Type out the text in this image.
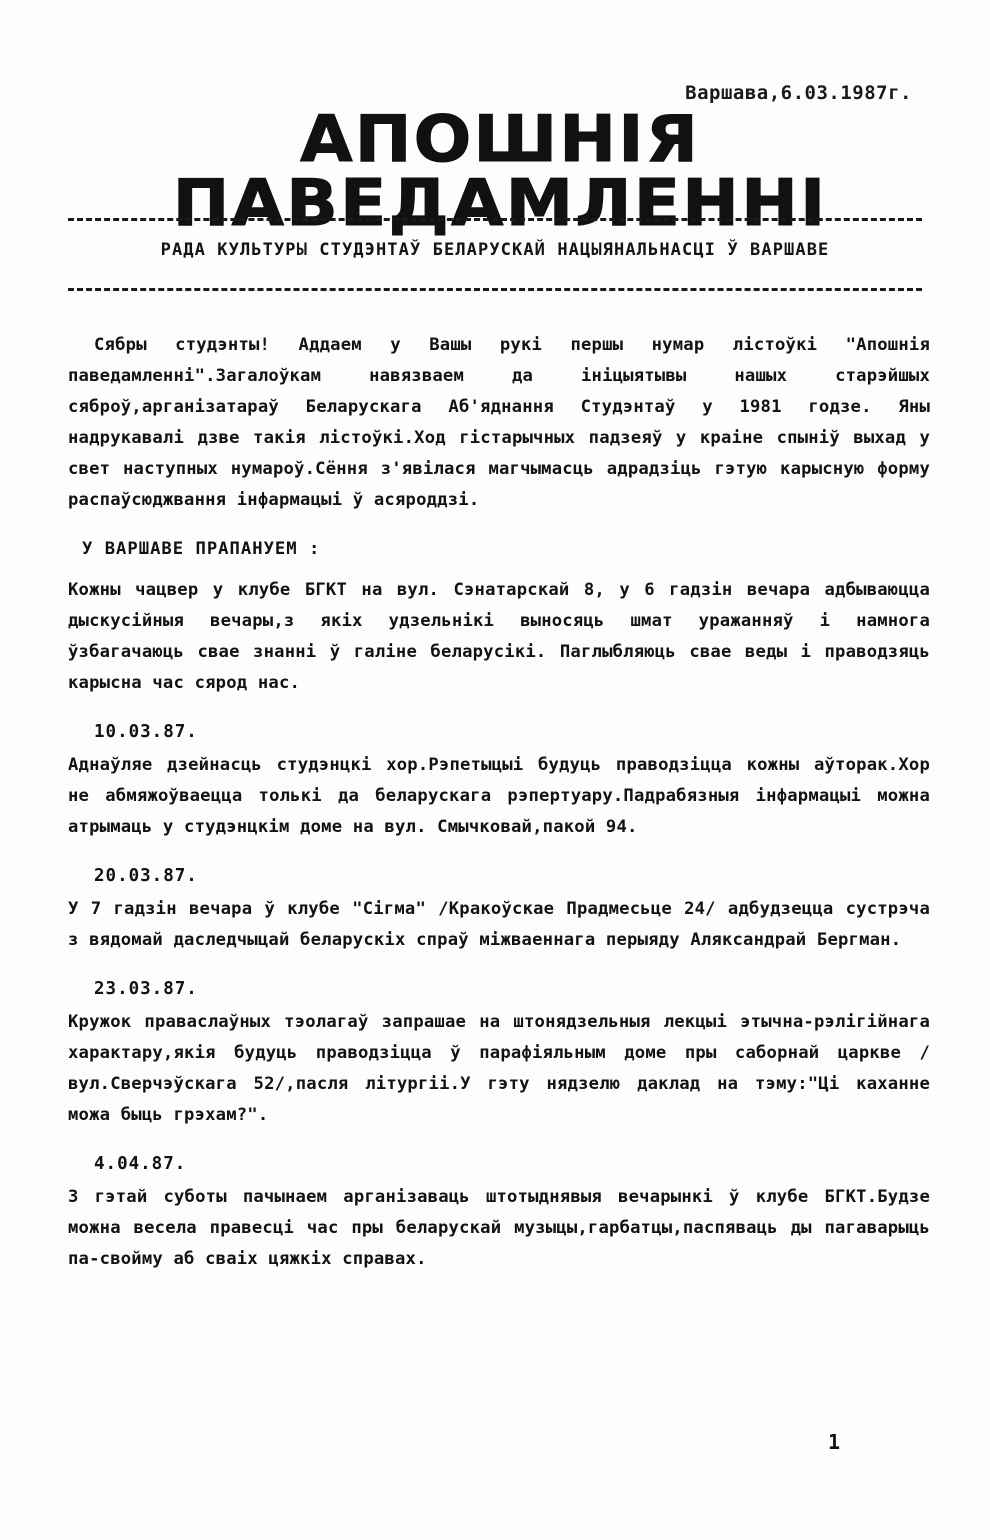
Варшава,6.03.1987г.
АПОШНІЯ ПАВЕДАМЛЕННІ
РАДА КУЛЬТУРЫ СТУДЭНТАЎ БЕЛАРУСКАЙ НАЦЫЯНАЛЬНАСЦІ Ў ВАРШАВЕ

Сябры студэнты! Аддаем у Вашы рукі першы нумар лістоўкі "Апошнія паведамленні".Загалоўкам навязваем да ініцыятывы нашых старэйшых сяброў,арганізатараў Беларускага Аб'яднання Студэнтаў у 1981 годзе. Яны надрукавалі дзве такія лістоўкі.Ход гістарычных падзеяў у краіне спыніў выхад у свет наступных нумароў.Сёння з'явілася магчымасць адрадзіць гэтую карысную форму распаўсюджвання інфармацыі ў асяроддзі.

У ВАРШАВЕ ПРАПАНУЕМ :

Кожны чацвер у клубе БГКТ на вул. Сэнатарскай 8, у 6 гадзін вечара адбываюцца дыскусійныя вечары,з якіх удзельнікі выносяць шмат уражанняў і намнога ўзбагачаюць свае знанні ў галіне беларусікі. Паглыбляюць свае веды і праводзяць карысна час сярод нас.

10.03.87.

Аднаўляе дзейнасць студэнцкі хор.Рэпетыцыі будуць праводзіцца кожны аўторак.Хор не абмяжоўваецца толькі да беларускага рэпертуару.Падрабязныя інфармацыі можна атрымаць у студэнцкім доме на вул. Смычковай,пакой 94.

20.03.87.

У 7 гадзін вечара ў клубе "Сігма" /Кракоўскае Прадмесьце 24/ адбудзецца сустрэча з вядомай даследчыцай беларускіх спраў міжваеннага перыяду Аляксандрай Бергман.

23.03.87.

Кружок праваслаўных тэолагаў запрашае на штонядзельныя лекцыі этычна-рэлігійнага характару,якія будуць праводзіцца ў парафіяльным доме пры саборнай царкве /вул.Сверчэўскага 52/,пасля літургіі.У гэту нядзелю даклад на тэму:"Ці каханне можа быць грэхам?".

4.04.87.

З гэтай суботы пачынаем арганізаваць штотыднявыя вечарынкі ў клубе БГКТ.Будзе можна весела правесці час пры беларускай музыцы,гарбатцы,паспяваць ды пагаварыць па-свойму аб сваіх цяжкіх справах.

1
